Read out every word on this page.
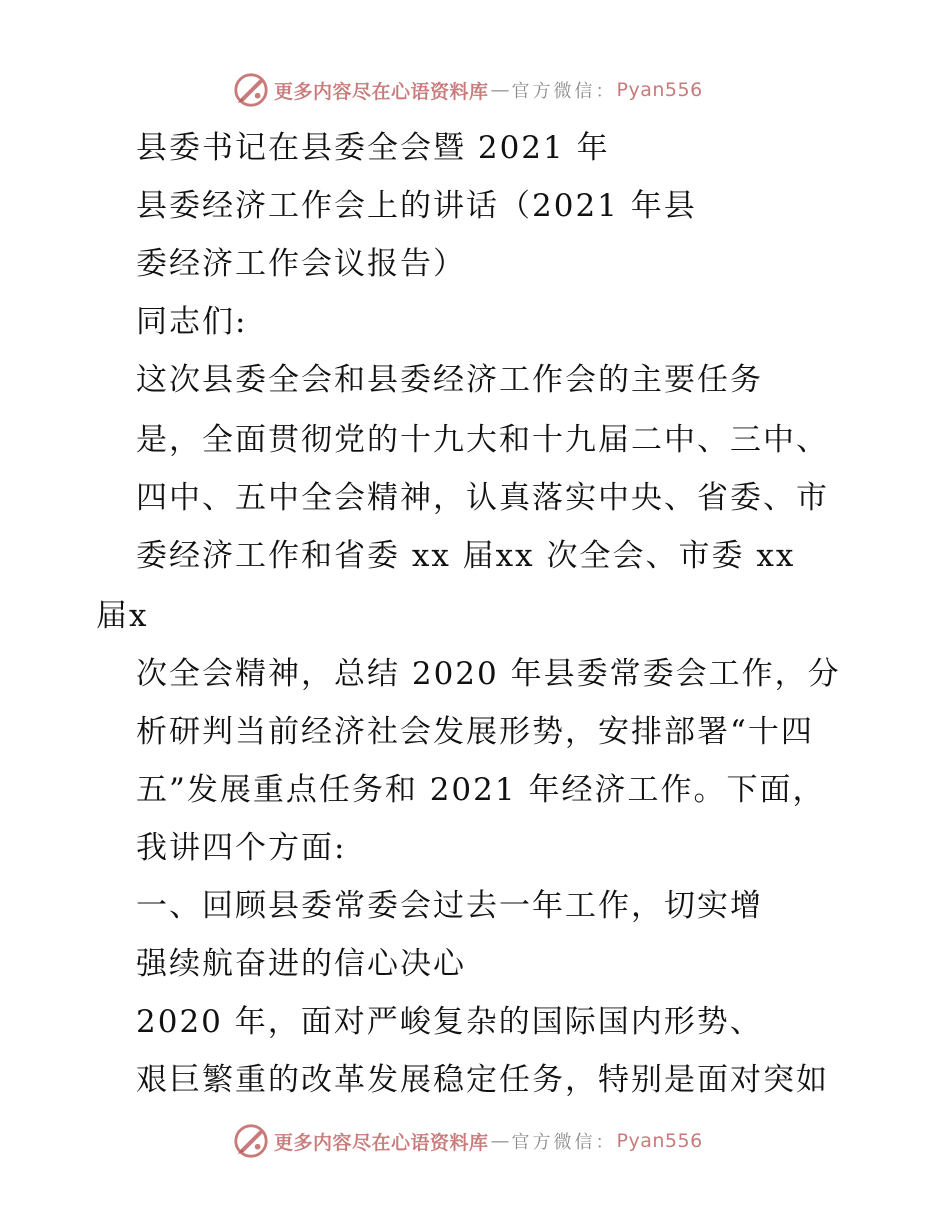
更多内容尽在心语资料库 — 官方微信： Pyan556
县委书记在县委全会暨 2021 年
县委经济工作会上的讲话（2021 年县
委经济工作会议报告）
同志们:
这次县委全会和县委经济工作会的主要任务
是，全面贯彻党的十九大和十九届二中、三中、
四中、五中全会精神，认真落实中央、省委、市
委经济工作和省委 xx 届xx 次全会、市委 xx
届x
次全会精神，总结 2020 年县委常委会工作，分
析研判当前经济社会发展形势，安排部署“十四
五”发展重点任务和 2021 年经济工作。下面，
我讲四个方面:
一、回顾县委常委会过去一年工作，切实增
强续航奋进的信心决心
2020 年，面对严峻复杂的国际国内形势、
艰巨繁重的改革发展稳定任务，特别是面对突如
更多内容尽在心语资料库 — 官方微信： Pyan556
